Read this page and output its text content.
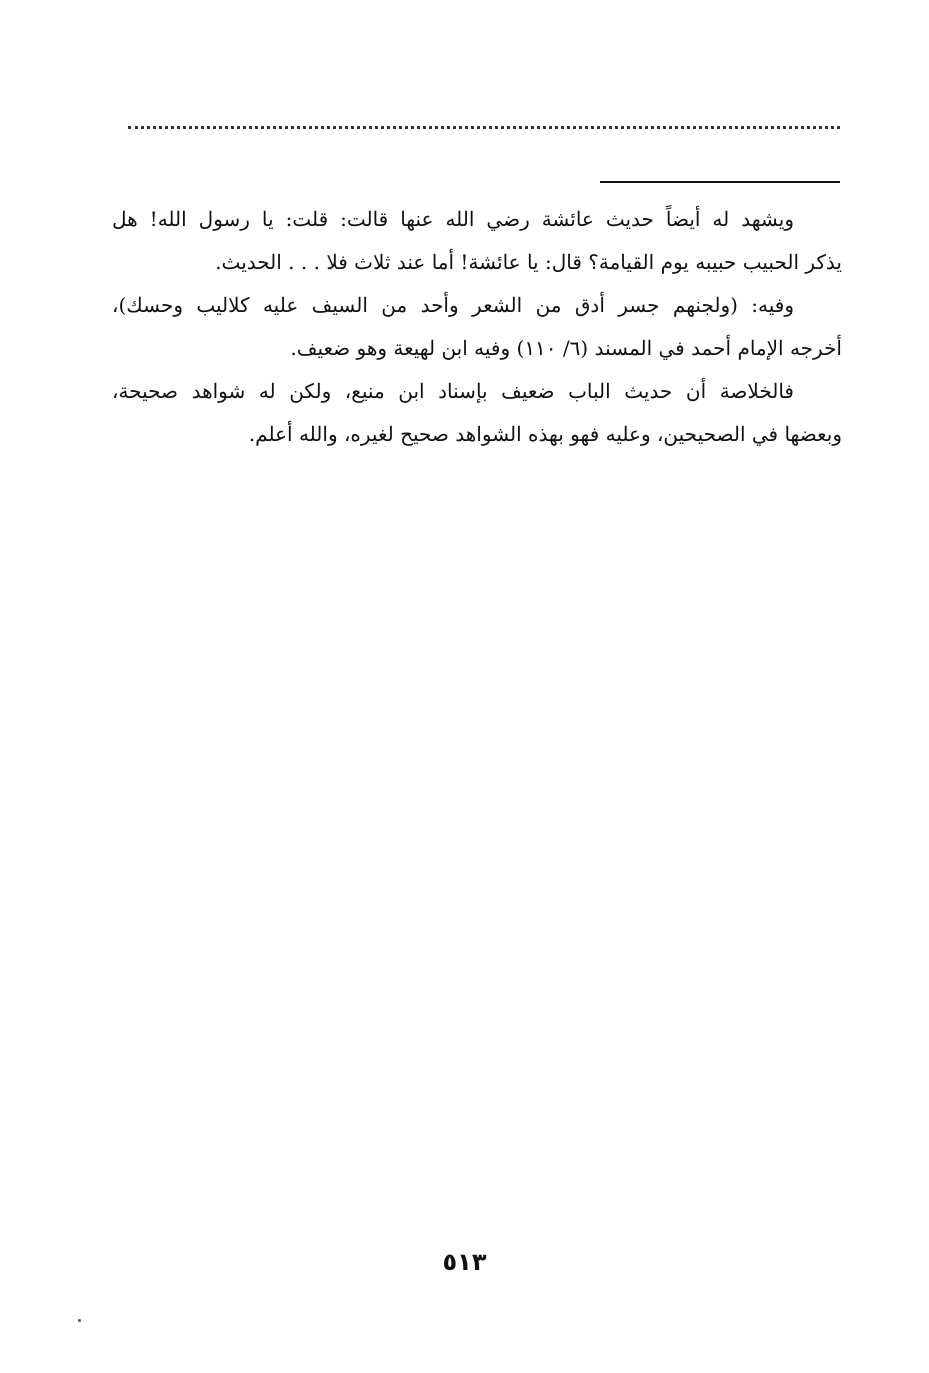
ويشهد له أيضاً حديث عائشة رضي الله عنها قالت: قلت: يا رسول الله! هل
يذكر الحبيب حبيبه يوم القيامة؟ قال: يا عائشة! أما عند ثلاث فلا . . . الحديث.

وفيه: (ولجنهم جسر أدق من الشعر وأحد من السيف عليه كلاليب وحسك)،
أخرجه الإمام أحمد في المسند (٦/ ١١٠) وفيه ابن لهيعة وهو ضعيف.

فالخلاصة أن حديث الباب ضعيف بإسناد ابن منيع، ولكن له شواهد صحيحة،
وبعضها في الصحيحين، وعليه فهو بهذه الشواهد صحيح لغيره، والله أعلم.

٥١٣
